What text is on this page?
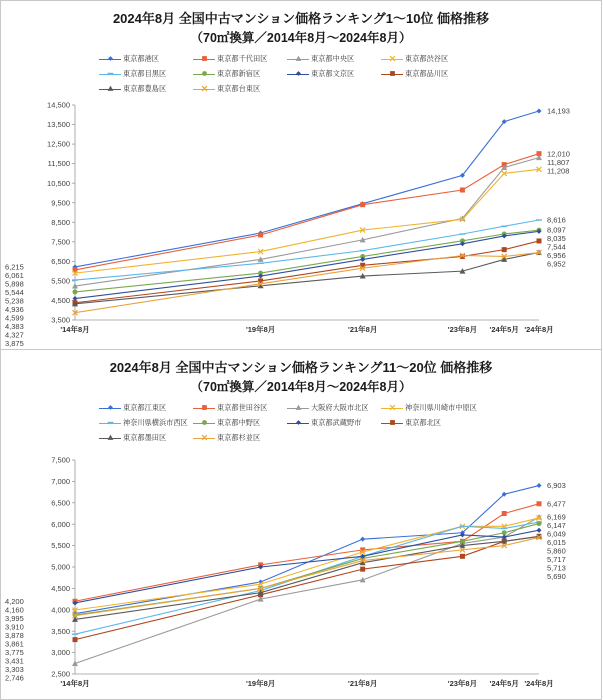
2024年8月 全国中古マンション価格ランキング1～10位 価格推移
（70㎡換算／2014年8月～2024年8月）
東京都港区	東京都千代田区	東京都中央区	東京都渋谷区
東京都目黒区	東京都新宿区	東京都文京区	東京都品川区
東京都豊島区	東京都台東区
3,500
4,500
5,500
6,500
7,500
8,500
9,500
10,500
11,500
12,500
13,500
14,500
'14年8月	'19年8月	'21年8月	'23年8月 '24年5月 '24年8月
14,193
12,010
11,807
11,208
8,616
8,097
8,035
7,544
6,956
6,952
6,215
6,061
5,898
5,544
5,238
4,936
4,599
4,383
4,327
3,875
2024年8月 全国中古マンション価格ランキング11～20位 価格推移
（70㎡換算／2014年8月～2024年8月）
東京都江東区	東京都世田谷区	大阪府大阪市北区	神奈川県川崎市中原区
神奈川県横浜市西区	東京都中野区	東京都武蔵野市	東京都北区
東京都墨田区	東京都杉並区
2,500
3,000
3,500
4,000
4,500
5,000
5,500
6,000
6,500
7,000
7,500
'14年8月	'19年8月	'21年8月	'23年8月 '24年5月 '24年8月
6,903
6,477
6,169
6,147
6,049
6,015
5,860
5,717
5,713
5,690
4,200
4,160
3,995
3,910
3,878
3,861
3,775
3,431
3,303
2,746
